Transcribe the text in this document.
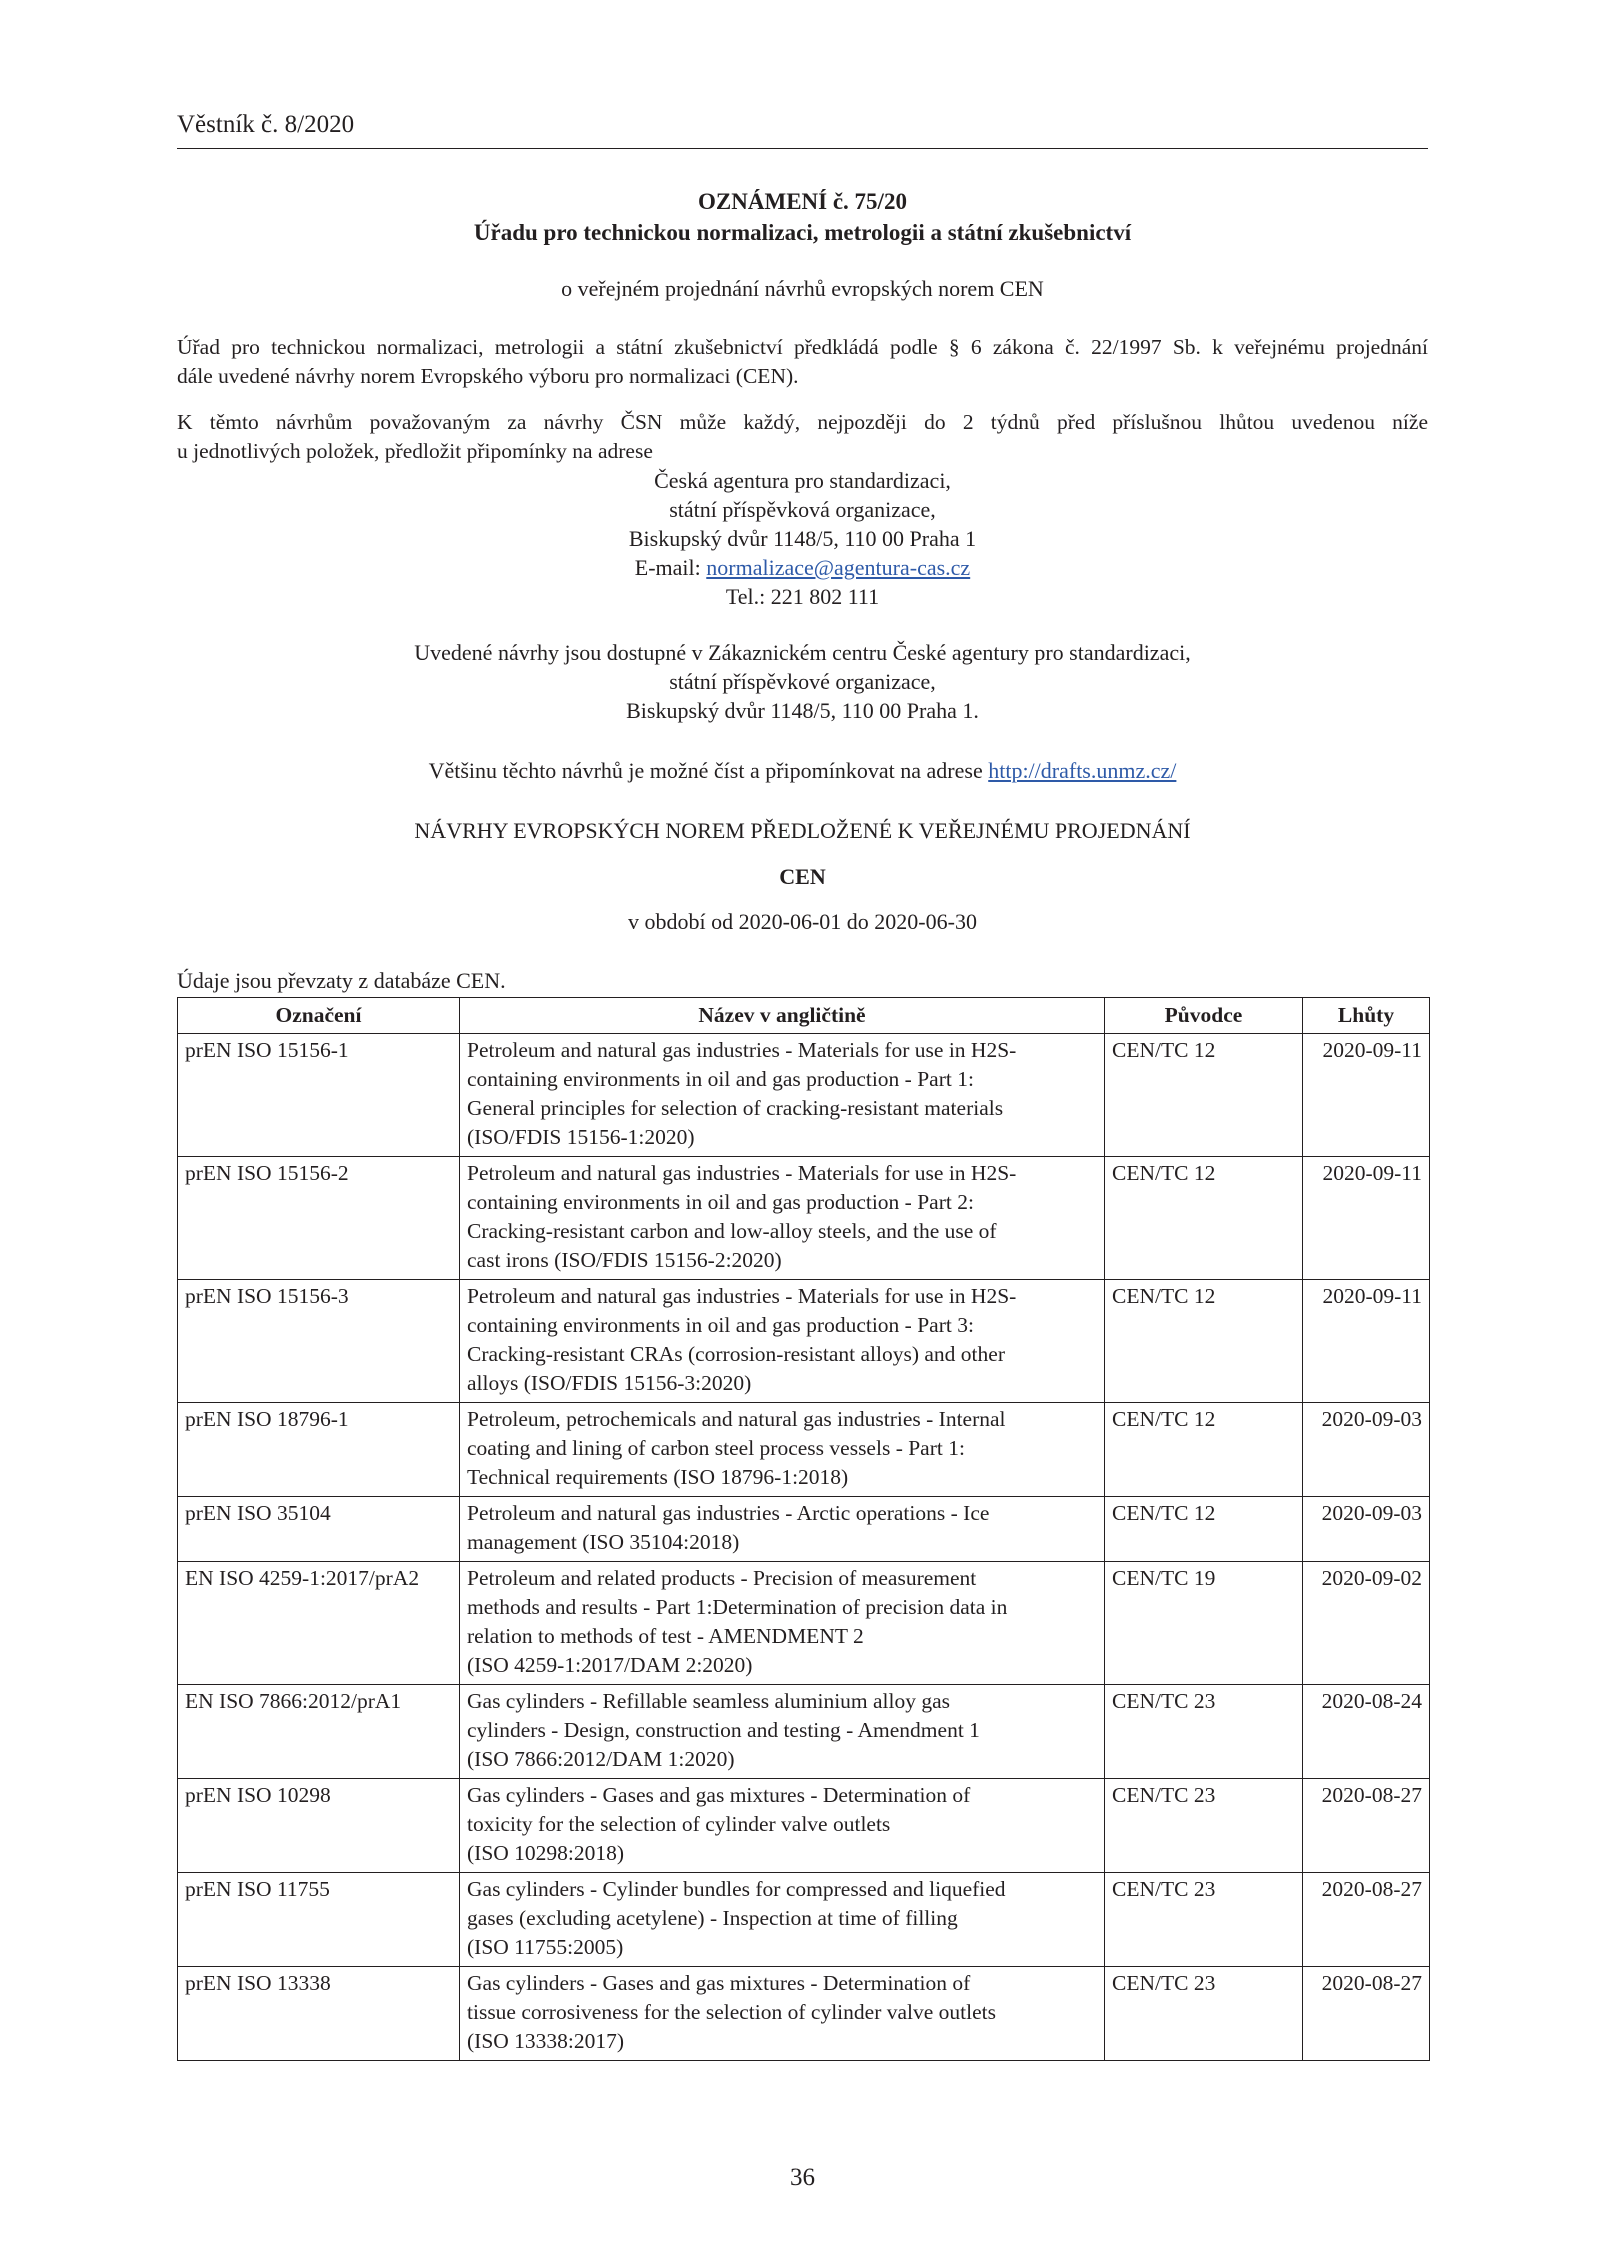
Věstník č. 8/2020
OZNÁMENÍ č. 75/20
Úřadu pro technickou normalizaci, metrologii a státní zkušebnictví
o veřejném projednání návrhů evropských norem CEN
Úřad pro technickou normalizaci, metrologii a státní zkušebnictví předkládá podle § 6 zákona č. 22/1997 Sb. k veřejnému projednání
dále uvedené návrhy norem Evropského výboru pro normalizaci (CEN).
K těmto návrhům považovaným za návrhy ČSN může každý, nejpozději do 2 týdnů před příslušnou lhůtou uvedenou níže
u jednotlivých položek, předložit připomínky na adrese
Česká agentura pro standardizaci,
státní příspěvková organizace,
Biskupský dvůr 1148/5, 110 00 Praha 1
E-mail: normalizace@agentura-cas.cz
Tel.: 221 802 111
Uvedené návrhy jsou dostupné v Zákaznickém centru České agentury pro standardizaci,
státní příspěvkové organizace,
Biskupský dvůr 1148/5, 110 00 Praha 1.
Většinu těchto návrhů je možné číst a připomínkovat na adrese http://drafts.unmz.cz/
NÁVRHY EVROPSKÝCH NOREM PŘEDLOŽENÉ K VEŘEJNÉMU PROJEDNÁNÍ
CEN
v období od 2020-06-01 do 2020-06-30
Údaje jsou převzaty z databáze CEN.
Označení	Název v angličtině	Původce	Lhůty
prEN ISO 15156-1	Petroleum and natural gas industries - Materials for use in H2S-
containing environments in oil and gas production - Part 1:
General principles for selection of cracking-resistant materials
(ISO/FDIS 15156-1:2020)	CEN/TC 12	2020-09-11
prEN ISO 15156-2	Petroleum and natural gas industries - Materials for use in H2S-
containing environments in oil and gas production - Part 2:
Cracking-resistant carbon and low-alloy steels, and the use of
cast irons (ISO/FDIS 15156-2:2020)	CEN/TC 12	2020-09-11
prEN ISO 15156-3	Petroleum and natural gas industries - Materials for use in H2S-
containing environments in oil and gas production - Part 3:
Cracking-resistant CRAs (corrosion-resistant alloys) and other
alloys (ISO/FDIS 15156-3:2020)	CEN/TC 12	2020-09-11
prEN ISO 18796-1	Petroleum, petrochemicals and natural gas industries - Internal
coating and lining of carbon steel process vessels - Part 1:
Technical requirements (ISO 18796-1:2018)	CEN/TC 12	2020-09-03
prEN ISO 35104	Petroleum and natural gas industries - Arctic operations - Ice
management (ISO 35104:2018)	CEN/TC 12	2020-09-03
EN ISO 4259-1:2017/prA2	Petroleum and related products - Precision of measurement
methods and results - Part 1:Determination of precision data in
relation to methods of test - AMENDMENT 2
(ISO 4259-1:2017/DAM 2:2020)	CEN/TC 19	2020-09-02
EN ISO 7866:2012/prA1	Gas cylinders - Refillable seamless aluminium alloy gas
cylinders - Design, construction and testing - Amendment 1
(ISO 7866:2012/DAM 1:2020)	CEN/TC 23	2020-08-24
prEN ISO 10298	Gas cylinders - Gases and gas mixtures - Determination of
toxicity for the selection of cylinder valve outlets
(ISO 10298:2018)	CEN/TC 23	2020-08-27
prEN ISO 11755	Gas cylinders - Cylinder bundles for compressed and liquefied
gases (excluding acetylene) - Inspection at time of filling
(ISO 11755:2005)	CEN/TC 23	2020-08-27
prEN ISO 13338	Gas cylinders - Gases and gas mixtures - Determination of
tissue corrosiveness for the selection of cylinder valve outlets
(ISO 13338:2017)	CEN/TC 23	2020-08-27
36
